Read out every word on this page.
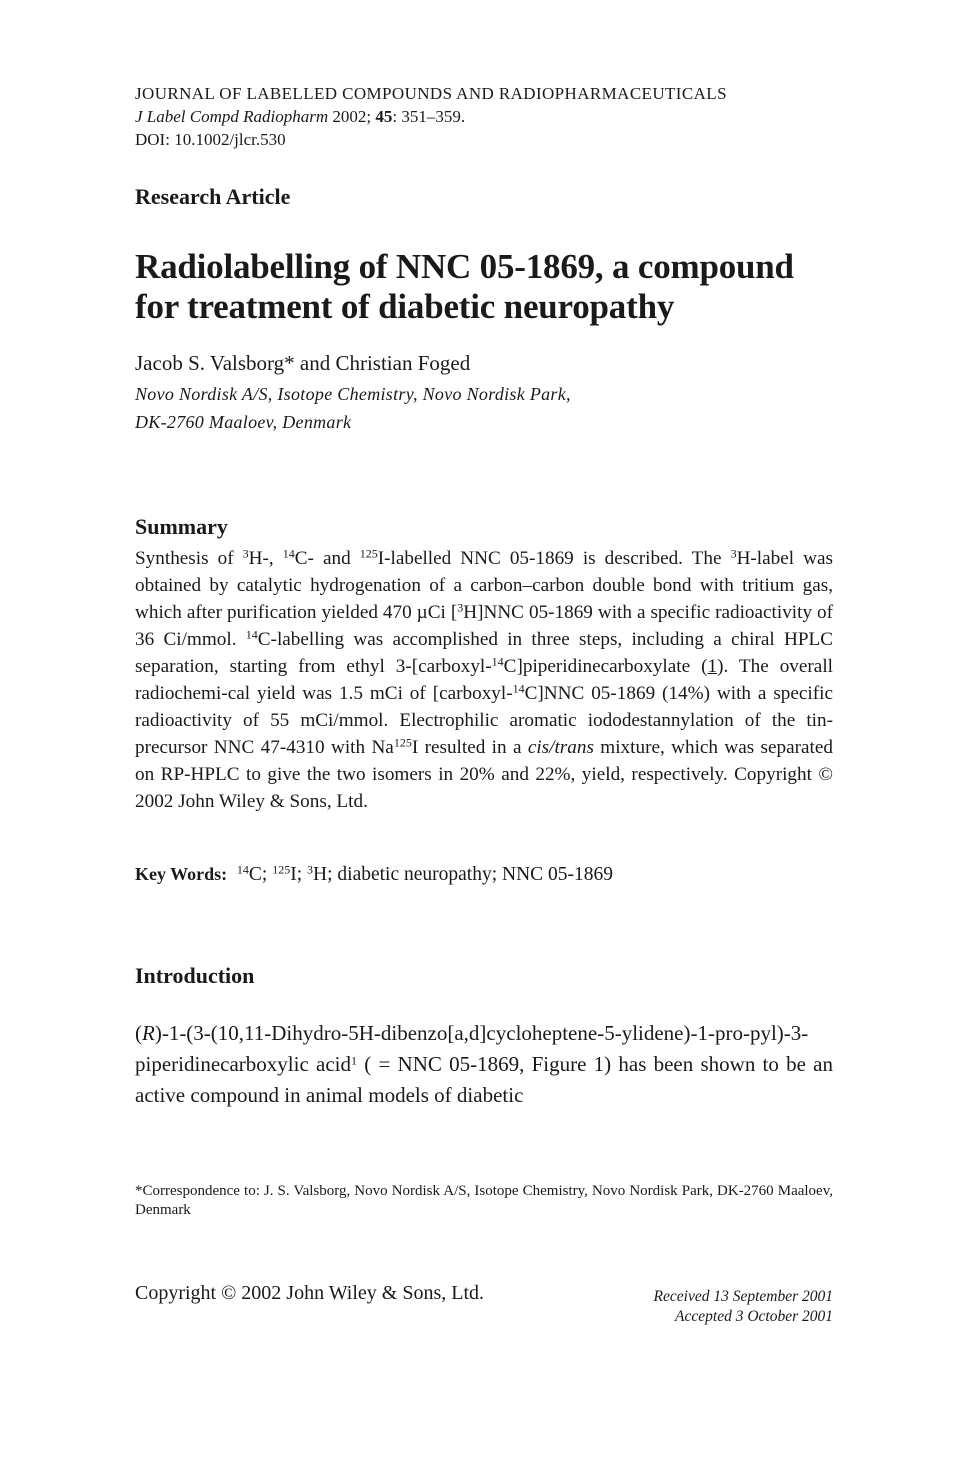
JOURNAL OF LABELLED COMPOUNDS AND RADIOPHARMACEUTICALS
J Label Compd Radiopharm 2002; 45: 351–359.
DOI: 10.1002/jlcr.530
Research Article
Radiolabelling of NNC 05-1869, a compound
for treatment of diabetic neuropathy
Jacob S. Valsborg* and Christian Foged
Novo Nordisk A/S, Isotope Chemistry, Novo Nordisk Park,
DK-2760 Maaloev, Denmark
Summary
Synthesis of $^3$H-, $^{14}$C- and $^{125}$I-labelled NNC 05-1869 is described. The $^3$H-label was obtained by catalytic hydrogenation of a carbon–carbon double bond with tritium gas, which after purification yielded 470 µCi [$^3$H]NNC 05-1869 with a specific radioactivity of 36 Ci/mmol. $^{14}$C-labelling was accomplished in three steps, including a chiral HPLC separation, starting from ethyl 3-[carboxyl-$^{14}$C]piperidinecarboxylate (1). The overall radiochemi-cal yield was 1.5 mCi of [carboxyl-$^{14}$C]NNC 05-1869 (14%) with a specific radioactivity of 55 mCi/mmol. Electrophilic aromatic iododestannylation of the tin-precursor NNC 47-4310 with Na$^{125}$I resulted in a cis/trans mixture, which was separated on RP-HPLC to give the two isomers in 20% and 22%, yield, respectively. Copyright © 2002 John Wiley & Sons, Ltd.
Key Words: $^{14}$C; $^{125}$I; $^3$H; diabetic neuropathy; NNC 05-1869
Introduction
(R)-1-(3-(10,11-Dihydro-5H-dibenzo[a,d]cycloheptene-5-ylidene)-1-pro-pyl)-3-piperidinecarboxylic acid$^1$ ( = NNC 05-1869, Figure 1) has been shown to be an active compound in animal models of diabetic
*Correspondence to: J. S. Valsborg, Novo Nordisk A/S, Isotope Chemistry, Novo Nordisk Park, DK-2760 Maaloev, Denmark
Copyright © 2002 John Wiley & Sons, Ltd.	Received 13 September 2001
Accepted 3 October 2001
